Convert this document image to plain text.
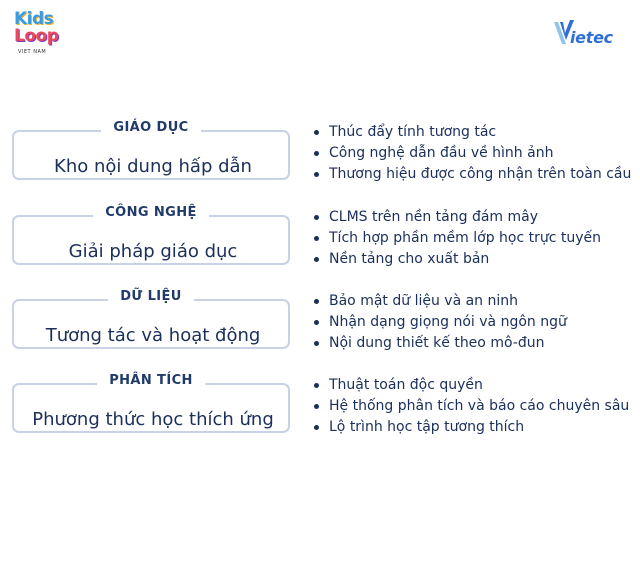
Kids
Loop
VIET NAM
ietec
Kho nội dung hấp dẫn
GIÁO DỤC	Thúc đẩy tính tương tác
Công nghệ dẫn đầu về hình ảnh
Thương hiệu được công nhận trên toàn cầu
Giải pháp giáo dục
CÔNG NGHỆ	CLMS trên nền tảng đám mây
Tích hợp phần mềm lớp học trực tuyến
Nền tảng cho xuất bản
Tương tác và hoạt động
DỮ LIỆU	Bảo mật dữ liệu và an ninh
Nhận dạng giọng nói và ngôn ngữ
Nội dung thiết kế theo mô-đun
Phương thức học thích ứng
PHÂN TÍCH	Thuật toán độc quyền
Hệ thống phân tích và báo cáo chuyên sâu
Lộ trình học tập tương thích
